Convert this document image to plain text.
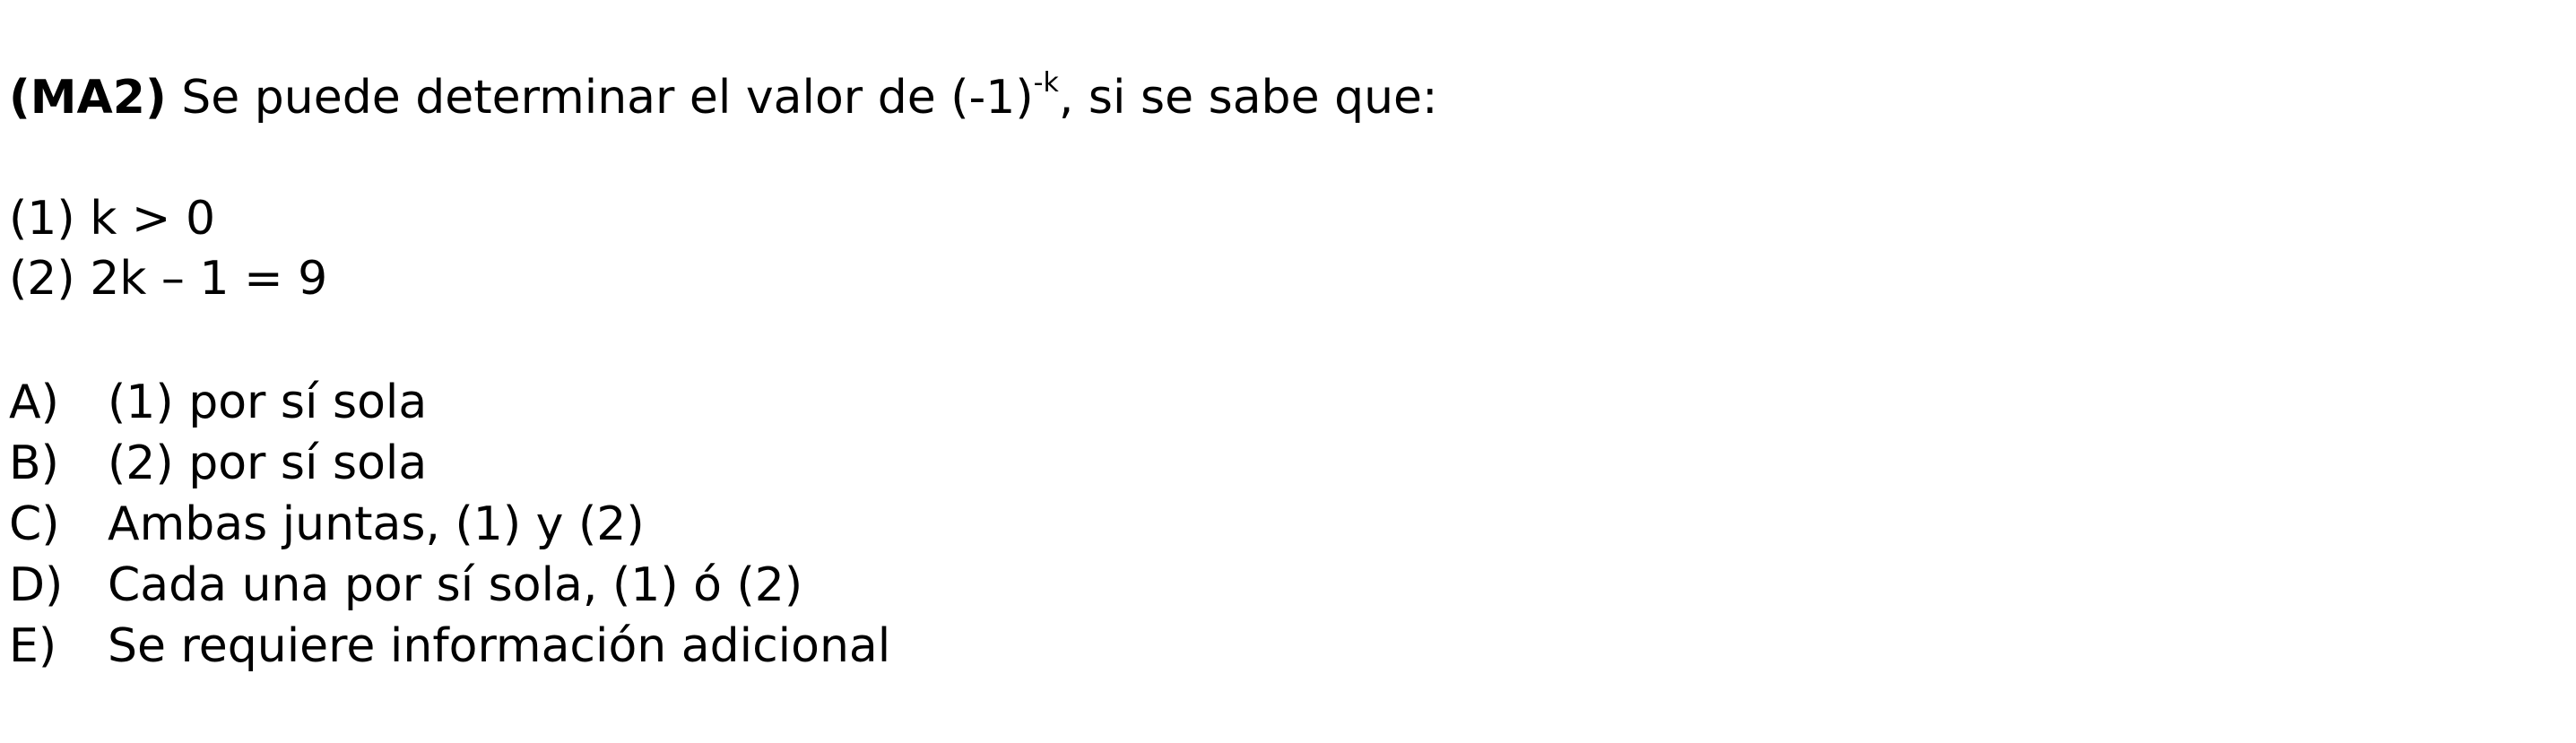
(MA2) Se puede determinar el valor de $(-1)^{-k}$, si se sabe que:
(1) k > 0
(2) 2k – 1 = 9
A) (1) por sí sola
B) (2) por sí sola
C) Ambas juntas, (1) y (2)
D) Cada una por sí sola, (1) ó (2)
E) Se requiere información adicional
